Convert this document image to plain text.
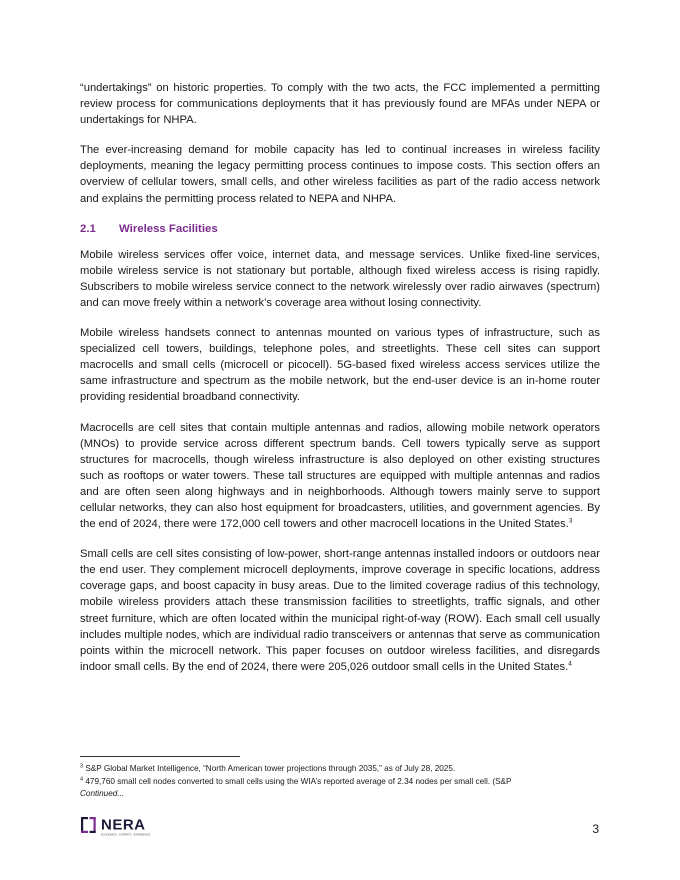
“undertakings” on historic properties. To comply with the two acts, the FCC implemented a permitting review process for communications deployments that it has previously found are MFAs under NEPA or undertakings for NHPA.

The ever-increasing demand for mobile capacity has led to continual increases in wireless facility deployments, meaning the legacy permitting process continues to impose costs. This section offers an overview of cellular towers, small cells, and other wireless facilities as part of the radio access network and explains the permitting process related to NEPA and NHPA.

2.1 Wireless Facilities

Mobile wireless services offer voice, internet data, and message services. Unlike fixed-line services, mobile wireless service is not stationary but portable, although fixed wireless access is rising rapidly. Subscribers to mobile wireless service connect to the network wirelessly over radio airwaves (spectrum) and can move freely within a network’s coverage area without losing connectivity.

Mobile wireless handsets connect to antennas mounted on various types of infrastructure, such as specialized cell towers, buildings, telephone poles, and streetlights. These cell sites can support macrocells and small cells (microcell or picocell). 5G-based fixed wireless access services utilize the same infrastructure and spectrum as the mobile network, but the end-user device is an in-home router providing residential broadband connectivity.

Macrocells are cell sites that contain multiple antennas and radios, allowing mobile network operators (MNOs) to provide service across different spectrum bands. Cell towers typically serve as support structures for macrocells, though wireless infrastructure is also deployed on other existing structures such as rooftops or water towers. These tall structures are equipped with multiple antennas and radios and are often seen along highways and in neighborhoods. Although towers mainly serve to support cellular networks, they can also host equipment for broadcasters, utilities, and government agencies. By the end of 2024, there were 172,000 cell towers and other macrocell locations in the United States.$^3$

Small cells are cell sites consisting of low-power, short-range antennas installed indoors or outdoors near the end user. They complement microcell deployments, improve coverage in specific locations, address coverage gaps, and boost capacity in busy areas. Due to the limited coverage radius of this technology, mobile wireless providers attach these transmission facilities to streetlights, traffic signals, and other street furniture, which are often located within the municipal right-of-way (ROW). Each small cell usually includes multiple nodes, which are individual radio transceivers or antennas that serve as communication points within the microcell network. This paper focuses on outdoor wireless facilities, and disregards indoor small cells. By the end of 2024, there were 205,026 outdoor small cells in the United States.$^4$

$^3$ S&P Global Market Intelligence, “North American tower projections through 2035,” as of July 28, 2025.

$^4$ 479,760 small cell nodes converted to small cells using the WIA’s reported average of 2.34 nodes per small cell. (S&P

Continued...

NERA
ECONOMICS · EXPERTS · EXPERIENCE	3
